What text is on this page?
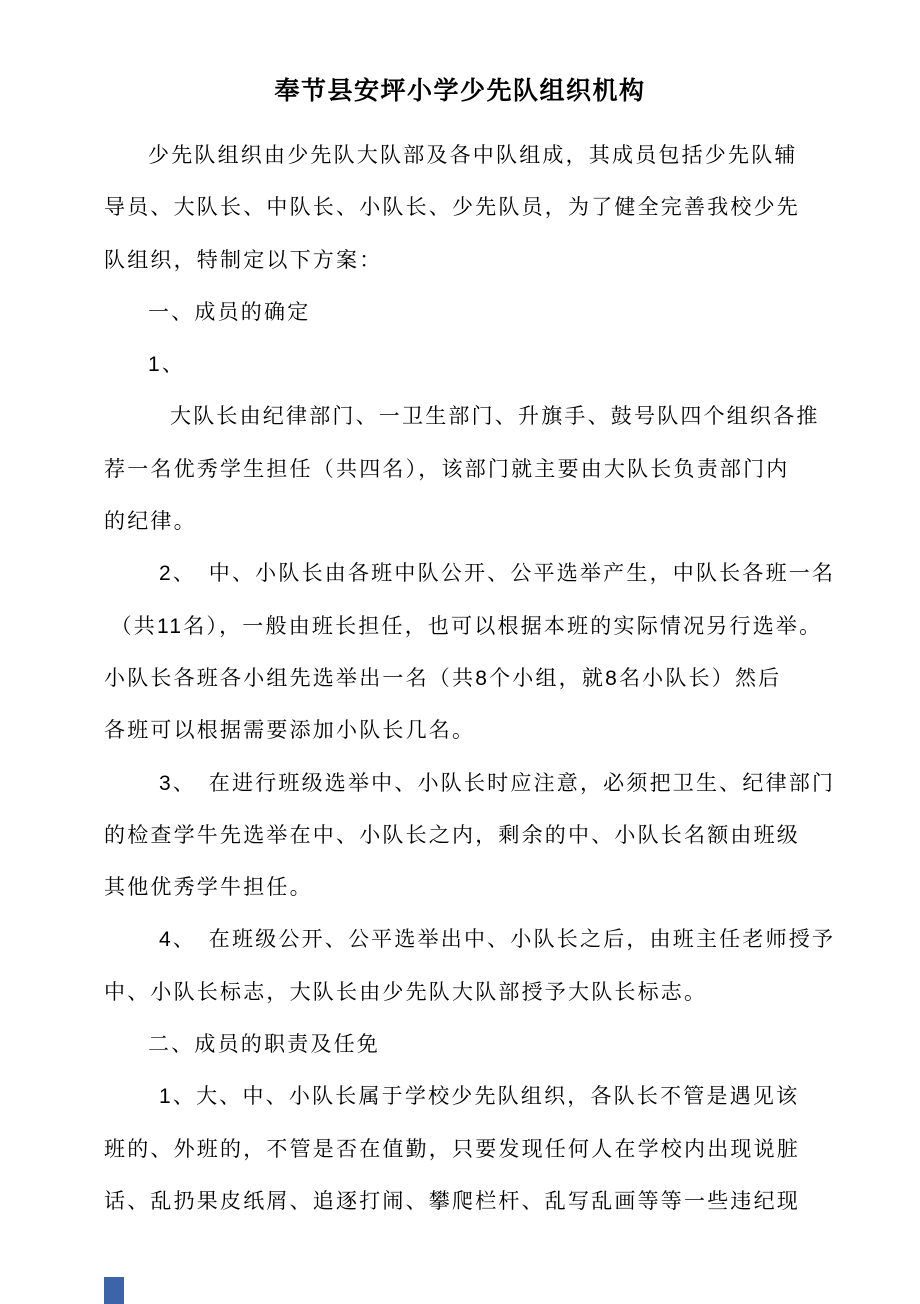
奉节县安坪小学少先队组织机构
少先队组织由少先队大队部及各中队组成，其成员包括少先队辅
导员、大队长、中队长、小队长、少先队员，为了健全完善我校少先
队组织，特制定以下方案：
一、成员的确定
1、
大队长由纪律部门、一卫生部门、升旗手、鼓号队四个组织各推
荐一名优秀学生担任（共四名），该部门就主要由大队长负责部门内
的纪律。
2、　中、小队长由各班中队公开、公平选举产生，中队长各班一名
（共11名），一般由班长担任，也可以根据本班的实际情况另行选举。
小队长各班各小组先选举出一名（共8个小组，就8名小队长）然后
各班可以根据需要添加小队长几名。
3、　在进行班级选举中、小队长时应注意，必须把卫生、纪律部门
的检查学牛先选举在中、小队长之内，剩余的中、小队长名额由班级
其他优秀学牛担任。
4、　在班级公开、公平选举出中、小队长之后，由班主任老师授予
中、小队长标志，大队长由少先队大队部授予大队长标志。
二、成员的职责及任免
1、大、中、小队长属于学校少先队组织，各队长不管是遇见该
班的、外班的，不管是否在值勤，只要发现任何人在学校内出现说脏
话、乱扔果皮纸屑、追逐打闹、攀爬栏杆、乱写乱画等等一些违纪现
